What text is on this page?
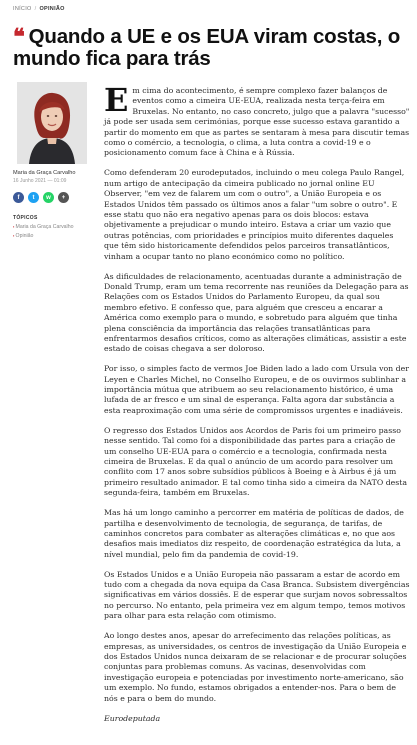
INÍCIO / OPINIÃO
❝ Quando a UE e os EUA viram costas, o mundo fica para trás
Maria da Graça Carvalho
16 Junho 2021 — 01:09
f	t	w	+
TÓPICOS
▪ Maria da Graça Carvalho
▪ Opinião

Em cima do acontecimento, é sempre complexo fazer balanços de eventos como a cimeira UE-EUA, realizada nesta terça-feira em Bruxelas. No entanto, no caso concreto, julgo que a palavra "sucesso" já pode ser usada sem cerimónias, porque esse sucesso estava garantido a partir do momento em que as partes se sentaram à mesa para discutir temas como o comércio, a tecnologia, o clima, a luta contra a covid-19 e o posicionamento comum face à China e à Rússia.

Como defenderam 20 eurodeputados, incluindo o meu colega Paulo Rangel, num artigo de antecipação da cimeira publicado no jornal online EU Observer, "em vez de falarem um com o outro", a União Europeia e os Estados Unidos têm passado os últimos anos a falar "um sobre o outro". E esse statu quo não era negativo apenas para os dois blocos: estava objetivamente a prejudicar o mundo inteiro. Estava a criar um vazio que outras potências, com prioridades e princípios muito diferentes daqueles que têm sido historicamente defendidos pelos parceiros transatlânticos, vinham a ocupar tanto no plano económico como no político.

As dificuldades de relacionamento, acentuadas durante a administração de Donald Trump, eram um tema recorrente nas reuniões da Delegação para as Relações com os Estados Unidos do Parlamento Europeu, da qual sou membro efetivo. E confesso que, para alguém que cresceu a encarar a América como exemplo para o mundo, e sobretudo para alguém que tinha plena consciência da importância das relações transatlânticas para enfrentarmos desafios críticos, como as alterações climáticas, assistir a este estado de coisas chegava a ser doloroso.

Por isso, o simples facto de vermos Joe Biden lado a lado com Ursula von der Leyen e Charles Michel, no Conselho Europeu, e de os ouvirmos sublinhar a importância mútua que atribuem ao seu relacionamento histórico, é uma lufada de ar fresco e um sinal de esperança. Falta agora dar substância a esta reaproximação com uma série de compromissos urgentes e inadiáveis.

O regresso dos Estados Unidos aos Acordos de Paris foi um primeiro passo nesse sentido. Tal como foi a disponibilidade das partes para a criação de um conselho UE-EUA para o comércio e a tecnologia, confirmada nesta cimeira de Bruxelas. E da qual o anúncio de um acordo para resolver um conflito com 17 anos sobre subsídios públicos à Boeing e à Airbus é já um primeiro resultado animador. E tal como tinha sido a cimeira da NATO desta segunda-feira, também em Bruxelas.

Mas há um longo caminho a percorrer em matéria de políticas de dados, de partilha e desenvolvimento de tecnologia, de segurança, de tarifas, de caminhos concretos para combater as alterações climáticas e, no que aos desafios mais imediatos diz respeito, de coordenação estratégica da luta, a nível mundial, pelo fim da pandemia de covid-19.

Os Estados Unidos e a União Europeia não passaram a estar de acordo em tudo com a chegada da nova equipa da Casa Branca. Subsistem divergências significativas em vários dossiês. E de esperar que surjam novos sobressaltos no percurso. No entanto, pela primeira vez em algum tempo, temos motivos para olhar para esta relação com otimismo.

Ao longo destes anos, apesar do arrefecimento das relações políticas, as empresas, as universidades, os centros de investigação da União Europeia e dos Estados Unidos nunca deixaram de se relacionar e de procurar soluções conjuntas para problemas comuns. As vacinas, desenvolvidas com investigação europeia e potenciadas por investimento norte-americano, são um exemplo. No fundo, estamos obrigados a entender-nos. Para o bem de nós e para o bem do mundo.

Eurodeputada
